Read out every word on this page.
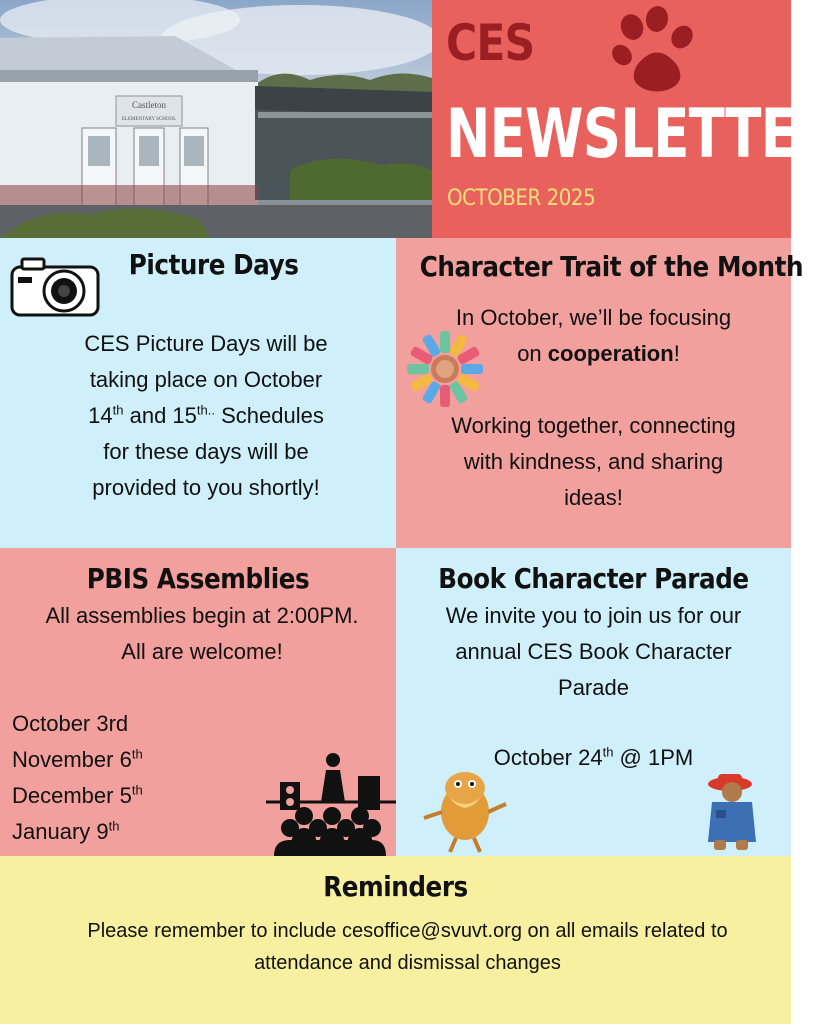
Castleton
ELEMENTARY SCHOOL
CES
NEWSLETTER
OCTOBER 2025
Picture Days
CES Picture Days will be
taking place on October
14th and $15^{th..}$ Schedules
for these days will be
provided to you shortly!
Character Trait of the Month
In October, we’ll be focusing
on cooperation!
Working together, connecting
with kindness, and sharing
ideas!
PBIS Assemblies
All assemblies begin at 2:00PM.
All are welcome!
October 3rd
November 6th
December 5th
January 9th
Book Character Parade
We invite you to join us for our
annual CES Book Character
Parade
October 24th @ 1PM
Reminders
Please remember to include cesoffice@svuvt.org on all emails related to
attendance and dismissal changes
